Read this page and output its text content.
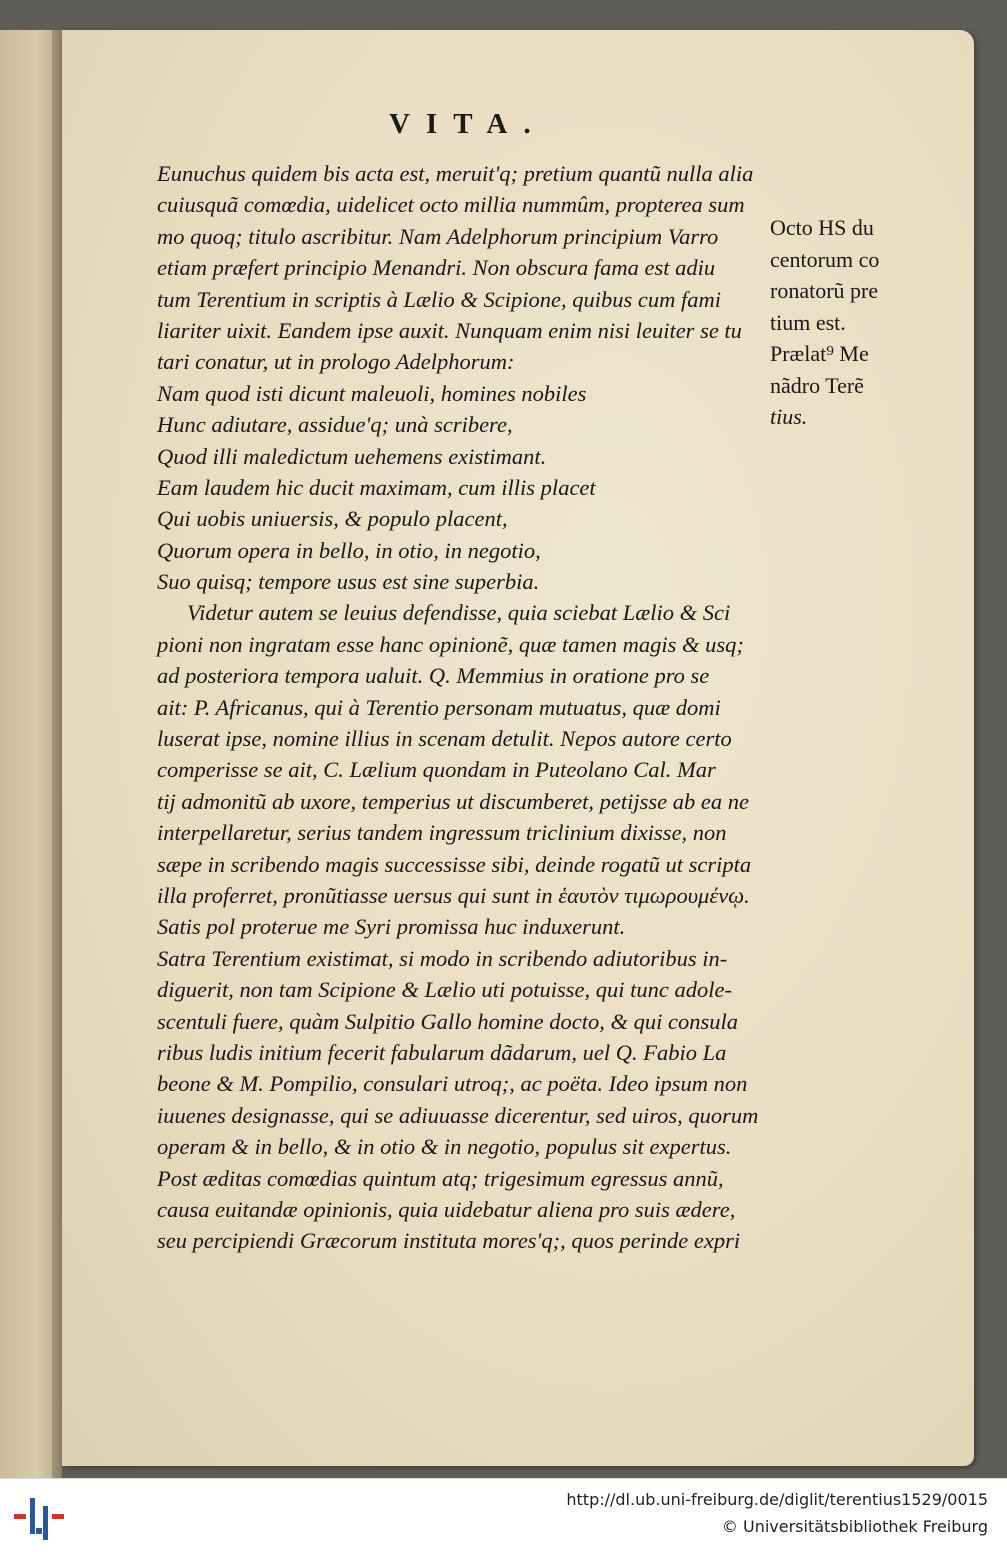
VITA.
Eunuchus quidem bis acta est, meruit'q; pretium quantũ nulla alia
cuiusquã comœdia, uidelicet octo millia nummûm, propterea sum
mo quoq; titulo ascribitur. Nam Adelphorum principium Varro
etiam præfert principio Menandri. Non obscura fama est adiu
tum Terentium in scriptis à Lælio & Scipione, quibus cum fami
liariter uixit. Eandem ipse auxit. Nunquam enim nisi leuiter se tu
tari conatur, ut in prologo Adelphorum:
Nam quod isti dicunt maleuoli, homines nobiles
Hunc adiutare, assidue'q; unà scribere,
Quod illi maledictum uehemens existimant.
Eam laudem hic ducit maximam, cum illis placet
Qui uobis uniuersis, & populo placent,
Quorum opera in bello, in otio, in negotio,
Suo quisq; tempore usus est sine superbia.
Videtur autem se leuius defendisse, quia sciebat Lælio & Sci
pioni non ingratam esse hanc opinionẽ, quæ tamen magis & usq;
ad posteriora tempora ualuit. Q. Memmius in oratione pro se
ait: P. Africanus, qui à Terentio personam mutuatus, quæ domi
luserat ipse, nomine illius in scenam detulit. Nepos autore certo
comperisse se ait, C. Lælium quondam in Puteolano Cal. Mar
tij admonitũ ab uxore, temperius ut discumberet, petijsse ab ea ne
interpellaretur, serius tandem ingressum triclinium dixisse, non
sæpe in scribendo magis successisse sibi, deinde rogatũ ut scripta
illa proferret, pronũtiasse uersus qui sunt in ἑαυτὸν τιμωρουμένῳ.
Satis pol proterue me Syri promissa huc induxerunt.
Satra Terentium existimat, si modo in scribendo adiutoribus in-
diguerit, non tam Scipione & Lælio uti potuisse, qui tunc adole-
scentuli fuere, quàm Sulpitio Gallo homine docto, & qui consula
ribus ludis initium fecerit fabularum dãdarum, uel Q. Fabio La
beone & M. Pompilio, consulari utroq;, ac poëta. Ideo ipsum non
iuuenes designasse, qui se adiuuasse dicerentur, sed uiros, quorum
operam & in bello, & in otio & in negotio, populus sit expertus.
Post æditas comœdias quintum atq; trigesimum egressus annũ,
causa euitandæ opinionis, quia uidebatur aliena pro suis ædere,
seu percipiendi Græcorum instituta mores'q;, quos perinde expri
Octo HS du
centorum co
ronatorũ pre
tium est.
Prælat⁹ Me
nãdro Terẽ
tius.
http://dl.ub.uni-freiburg.de/diglit/terentius1529/0015
© Universitätsbibliothek Freiburg
